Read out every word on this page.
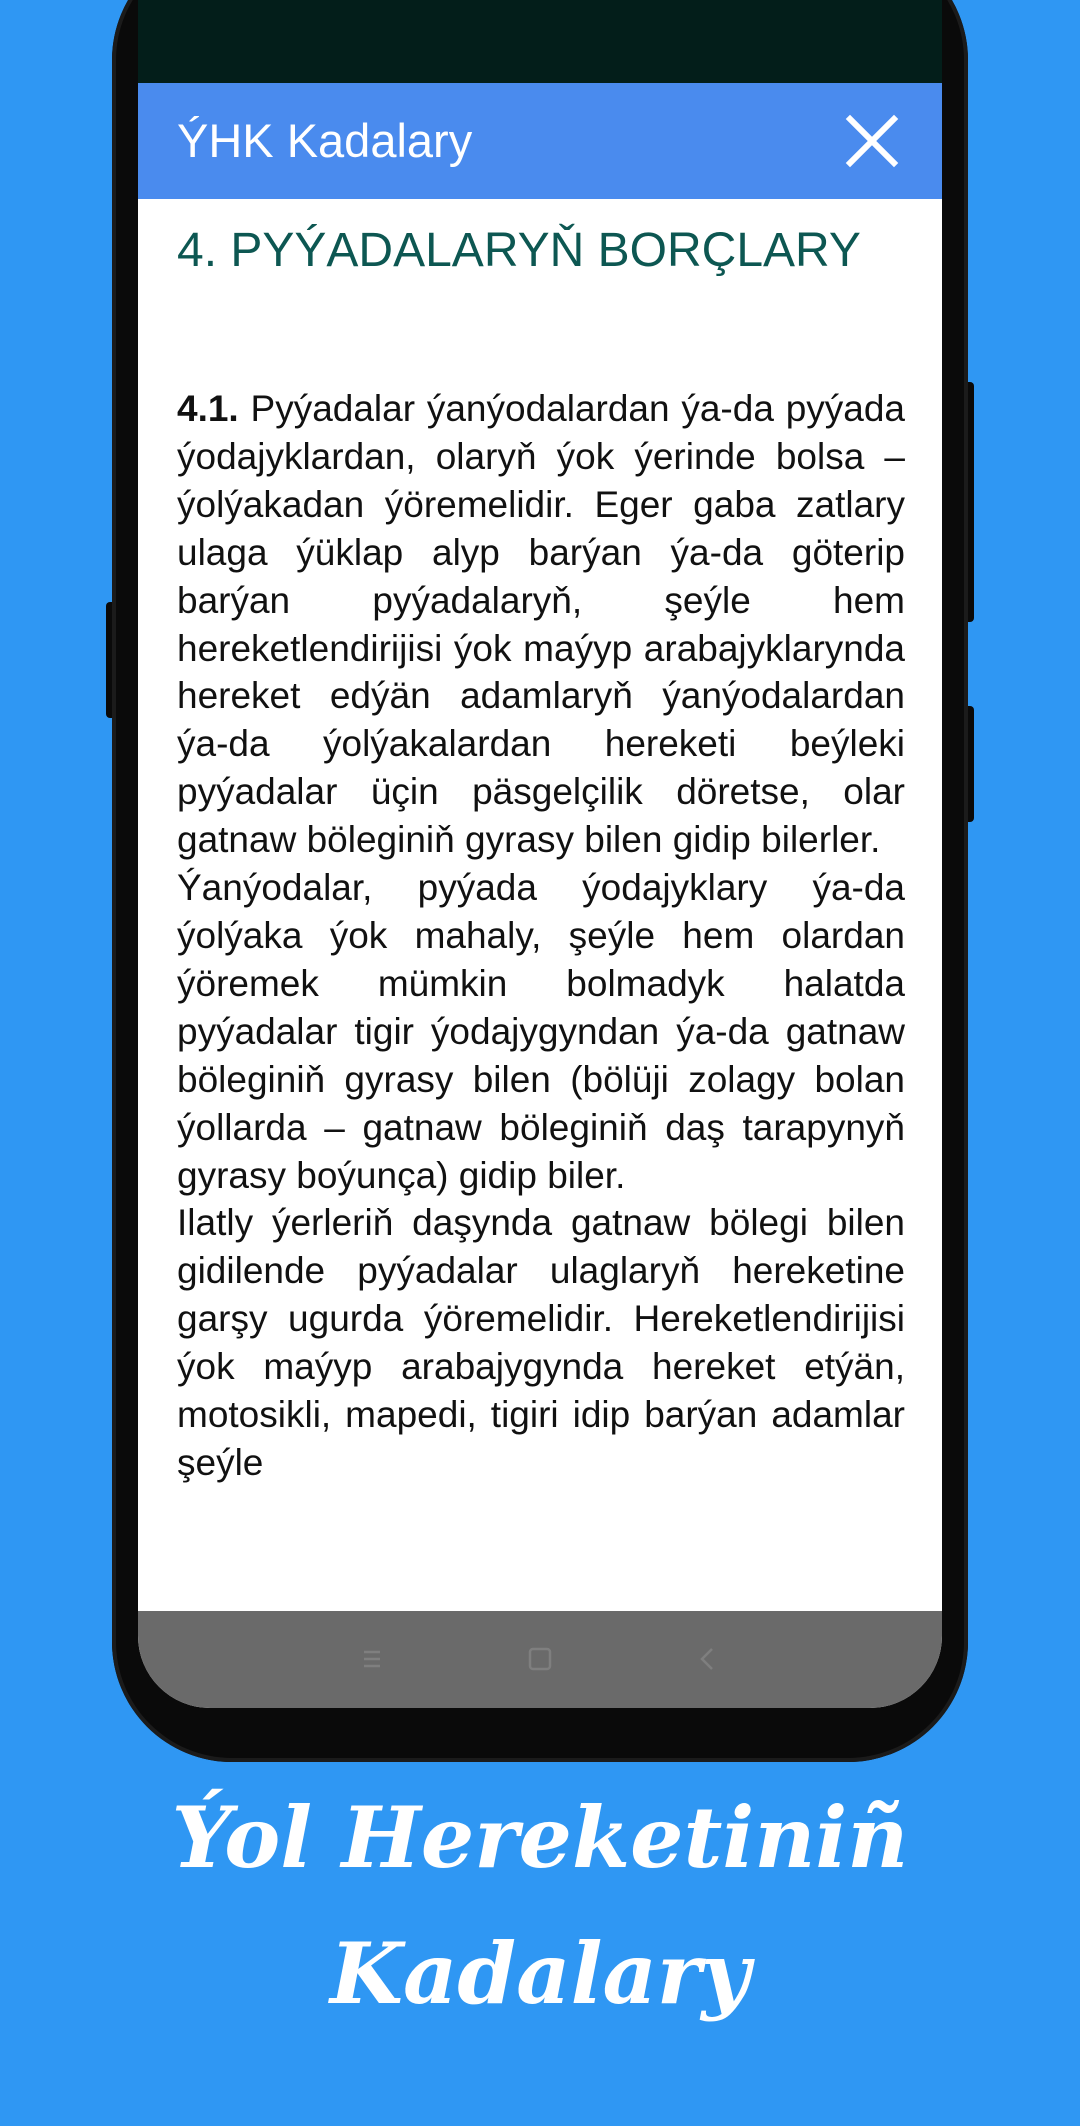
ÝHK Kadalary
4. PYÝADALARYŇ BORÇLARY

4.1. Pyýadalar ýanýodalardan ýa-da pyýada ýodajyklardan, olaryň ýok ýerinde bolsa – ýolýakadan ýöremelidir. Eger gaba zatlary ulaga ýüklap alyp barýan ýa-da göterip barýan pyýadalaryň, şeýle hem hereketlendirijisi ýok maýyp arabajyklarynda hereket edýän adamlaryň ýanýodalardan ýa-da ýolýakalardan hereketi beýleki pyýadalar üçin päsgelçilik döretse, olar gatnaw böleginiň gyrasy bilen gidip bilerler.

Ýanýodalar, pyýada ýodajyklary ýa-da ýolýaka ýok mahaly, şeýle hem olardan ýöremek mümkin bolmadyk halatda pyýadalar tigir ýodajygyndan ýa-da gatnaw böleginiň gyrasy bilen (bölüji zolagy bolan ýollarda – gatnaw böleginiň daş tarapynyň gyrasy boýunça) gidip biler.

Ilatly ýerleriň daşynda gatnaw bölegi bilen gidilende pyýadalar ulaglaryň hereketine garşy ugurda ýöremelidir. Hereketlendirijisi ýok maýyp arabajygynda hereket etýän, motosikli, mapedi, tigiri idip barýan adamlar şeýle

Ýol Hereketiniñ
Kadalary
